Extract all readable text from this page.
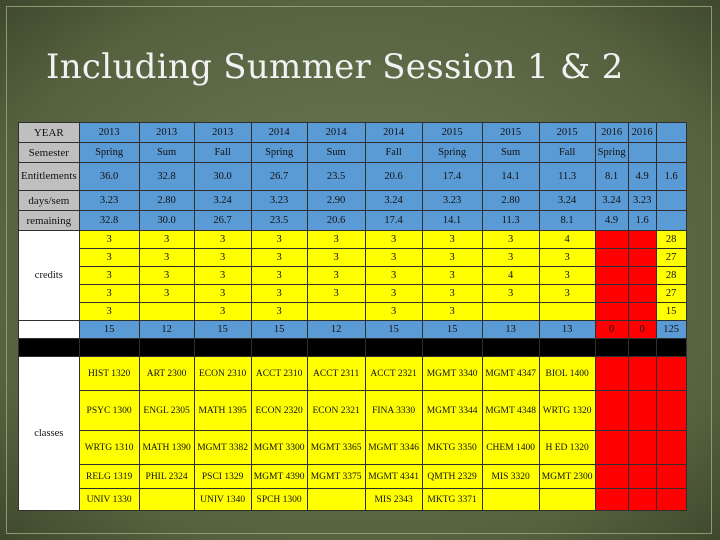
Including Summer Session 1 & 2
YEAR	2013	2013	2013	2014	2014	2014	2015	2015	2015	2016	2016	
Semester	Spring	Sum	Fall	Spring	Sum	Fall	Spring	Sum	Fall	Spring		
Entitlements	36.0	32.8	30.0	26.7	23.5	20.6	17.4	14.1	11.3	8.1	4.9	1.6
days/sem	3.23	2.80	3.24	3.23	2.90	3.24	3.23	2.80	3.24	3.24	3.23	
remaining	32.8	30.0	26.7	23.5	20.6	17.4	14.1	11.3	8.1	4.9	1.6	
credits	3	3	3	3	3	3	3	3	4			28
	3	3	3	3	3	3	3	3	3			27
	3	3	3	3	3	3	3	4	3			28
	3	3	3	3	3	3	3	3	3			27
	3		3	3		3	3					15
	15	12	15	15	12	15	15	13	13	0	0	125

classes	HIST 1320	ART 2300	ECON 2310	ACCT 2310	ACCT 2311	ACCT 2321	MGMT 3340	MGMT 4347	BIOL 1400			
	PSYC 1300	ENGL 2305	MATH 1395	ECON 2320	ECON 2321	FINA 3330	MGMT 3344	MGMT 4348	WRTG 1320			
	WRTG 1310	MATH 1390	MGMT 3382	MGMT 3300	MGMT 3365	MGMT 3346	MKTG 3350	CHEM 1400	H ED 1320			
	RELG 1319	PHIL 2324	PSCI 1329	MGMT 4390	MGMT 3375	MGMT 4341	QMTH 2329	MIS 3320	MGMT 2300			
	UNIV 1330		UNIV 1340	SPCH 1300		MIS 2343	MKTG 3371					
